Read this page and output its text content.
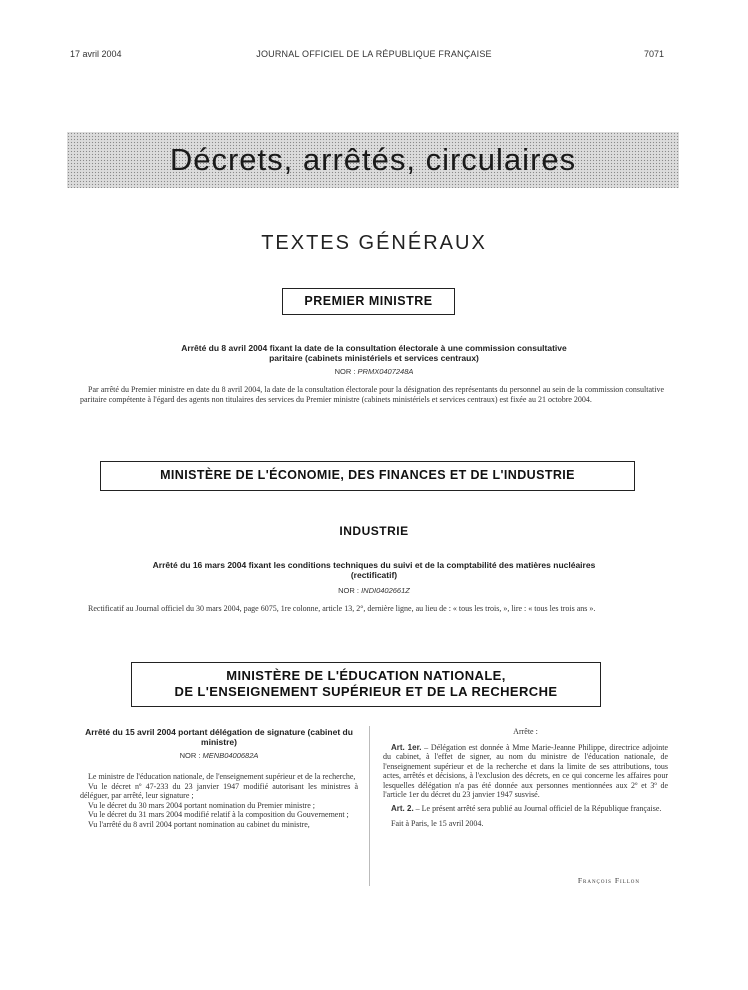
17 avril 2004	JOURNAL OFFICIEL DE LA RÉPUBLIQUE FRANÇAISE	7071
Décrets, arrêtés, circulaires
TEXTES GÉNÉRAUX
PREMIER MINISTRE
Arrêté du 8 avril 2004 fixant la date de la consultation électorale à une commission consultative paritaire (cabinets ministériels et services centraux)
NOR : PRMX0407248A
Par arrêté du Premier ministre en date du 8 avril 2004, la date de la consultation électorale pour la désignation des représentants du personnel au sein de la commission consultative paritaire compétente à l'égard des agents non titulaires des services du Premier ministre (cabinets ministériels et services centraux) est fixée au 21 octobre 2004.
MINISTÈRE DE L'ÉCONOMIE, DES FINANCES ET DE L'INDUSTRIE
INDUSTRIE
Arrêté du 16 mars 2004 fixant les conditions techniques du suivi et de la comptabilité des matières nucléaires (rectificatif)
NOR : INDI0402661Z
Rectificatif au Journal officiel du 30 mars 2004, page 6075, 1re colonne, article 13, 2°, dernière ligne, au lieu de : « tous les trois, », lire : « tous les trois ans ».
MINISTÈRE DE L'ÉDUCATION NATIONALE,
DE L'ENSEIGNEMENT SUPÉRIEUR ET DE LA RECHERCHE
Arrêté du 15 avril 2004 portant délégation de signature (cabinet du ministre)
NOR : MENB0400682A

Le ministre de l'éducation nationale, de l'enseignement supérieur et de la recherche,

Vu le décret nº 47-233 du 23 janvier 1947 modifié autorisant les ministres à déléguer, par arrêté, leur signature ;

Vu le décret du 30 mars 2004 portant nomination du Premier ministre ;

Vu le décret du 31 mars 2004 modifié relatif à la composition du Gouvernement ;

Vu l'arrêté du 8 avril 2004 portant nomination au cabinet du ministre,

Arrête :

Art. 1er. – Délégation est donnée à Mme Marie-Jeanne Philippe, directrice adjointe du cabinet, à l'effet de signer, au nom du ministre de l'éducation nationale, de l'enseignement supérieur et de la recherche et dans la limite de ses attributions, tous actes, arrêtés et décisions, à l'exclusion des décrets, en ce qui concerne les affaires pour lesquelles délégation n'a pas été donnée aux personnes mentionnées aux 2º et 3º de l'article 1er du décret du 23 janvier 1947 susvisé.

Art. 2. – Le présent arrêté sera publié au Journal officiel de la République française.

Fait à Paris, le 15 avril 2004.

François Fillon
